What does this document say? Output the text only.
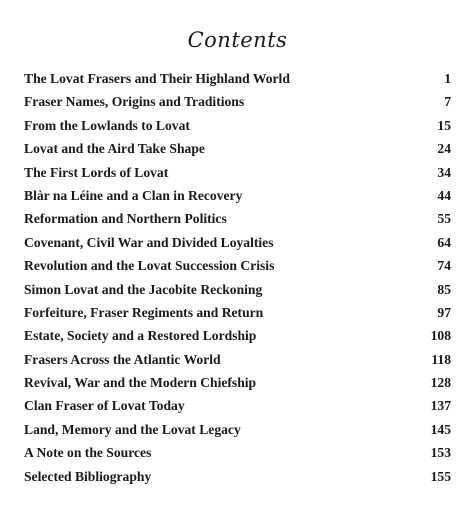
Contents
The Lovat Frasers and Their Highland World	1
Fraser Names, Origins and Traditions	7
From the Lowlands to Lovat	15
Lovat and the Aird Take Shape	24
The First Lords of Lovat	34
Blàr na Léine and a Clan in Recovery	44
Reformation and Northern Politics	55
Covenant, Civil War and Divided Loyalties	64
Revolution and the Lovat Succession Crisis	74
Simon Lovat and the Jacobite Reckoning	85
Forfeiture, Fraser Regiments and Return	97
Estate, Society and a Restored Lordship	108
Frasers Across the Atlantic World	118
Revival, War and the Modern Chiefship	128
Clan Fraser of Lovat Today	137
Land, Memory and the Lovat Legacy	145
A Note on the Sources	153
Selected Bibliography	155
